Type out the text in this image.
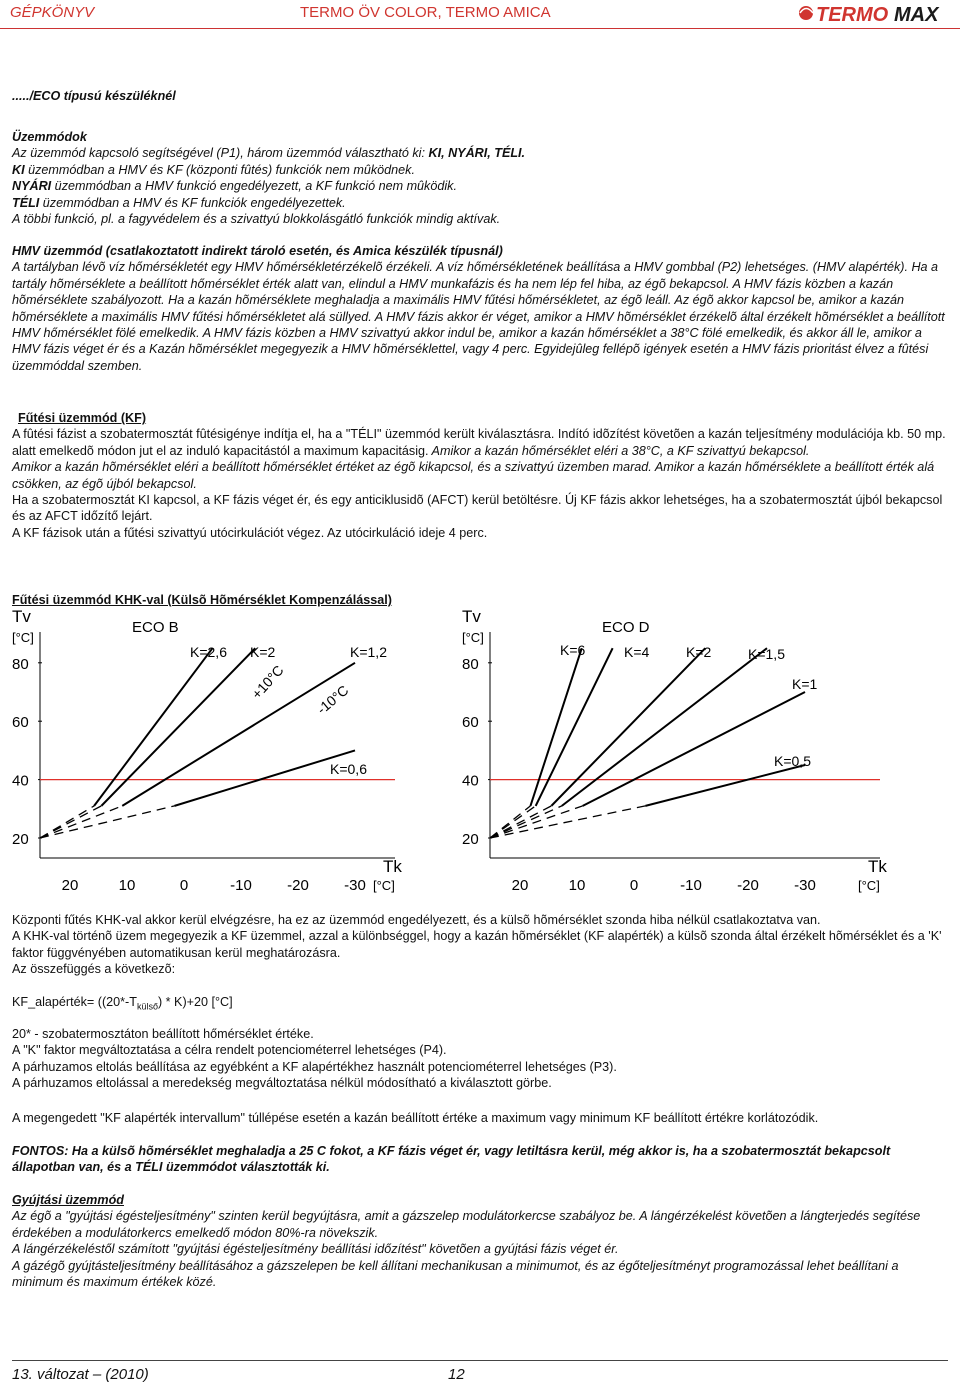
GÉPKÖNYV	TERMO ÖV COLOR, TERMO AMICA	TERMO MAX
...../ECO típusú készüléknél

Üzemmódok

Az üzemmód kapcsoló segítségével (P1), három üzemmód választható ki: KI, NYÁRI, TÉLI.

KI üzemmódban a HMV és KF (központi fûtés) funkciók nem mûködnek.

NYÁRI üzemmódban a HMV funkció engedélyezett, a KF funkció nem mûködik.

TÉLI üzemmódban a HMV és KF funkciók engedélyezettek.

A többi funkció, pl. a fagyvédelem és a szivattyú blokkolásgátló funkciók mindig aktívak.

HMV üzemmód (csatlakoztatott indirekt tároló esetén, és Amica készülék típusnál)

A tartályban lévõ víz hőmérsékletét egy HMV hőmérsékletérzékelõ érzékeli. A víz hőmérsékletének beállítása a HMV gombbal (P2) lehetséges. (HMV alapérték). Ha a tartály hõmérséklete a beállított hőmérséklet érték alatt van, elindul a HMV munkafázis és ha nem lép fel hiba, az égõ bekapcsol. A HMV fázis közben a kazán hõmérséklete szabályozott. Ha a kazán hõmérséklete meghaladja a maximális HMV fűtési hőmérsékletet, az égõ leáll. Az égõ akkor kapcsol be, amikor a kazán hõmérséklete a maximális HMV fűtési hőmérsékletet alá süllyed. A HMV fázis akkor ér véget, amikor a HMV hõmérséklet érzékelõ által érzékelt hõmérséklet a beállított HMV hőmérséklet fölé emelkedik. A HMV fázis közben a HMV szivattyú akkor indul be, amikor a kazán hőmérséklet a 38°C fölé emelkedik, és akkor áll le, amikor a HMV fázis véget ér és a Kazán hõmérséklet megegyezik a HMV hõmérséklettel, vagy 4 perc. Egyidejûleg fellépõ igények esetén a HMV fázis prioritást élvez a fûtési üzemmóddal szemben.

Fűtési üzemmód (KF)

A fûtési fázist a szobatermosztát fûtésigénye indítja el, ha a "TÉLI" üzemmód került kiválasztásra. Indító idõzítést követõen a kazán teljesítmény modulációja kb. 50 mp. alatt emelkedõ módon jut el az induló kapacitástól a maximum kapacitásig. Amikor a kazán hőmérséklet eléri a 38°C, a KF szivattyú bekapcsol.

Amikor a kazán hõmérséklet eléri a beállított hőmérséklet értéket az égõ kikapcsol, és a szivattyú üzemben marad. Amikor a kazán hőmérséklete a beállított érték alá csökken, az égõ újból bekapcsol.

Ha a szobatermosztát KI kapcsol, a KF fázis véget ér, és egy anticiklusidõ (AFCT) kerül betöltésre. Új KF fázis akkor lehetséges, ha a szobatermosztát újból bekapcsol és az AFCT időzítő lejárt.

A KF fázisok után a fűtési szivattyú utócirkulációt végez. Az utócirkuláció ideje 4 perc.

Fűtési üzemmód KHK-val (Külsõ Hõmérséklet Kompenzálással)
Tv
[°C]
80
60
40
20
20	10	0	-10 -20 -30
Tk
[°C]
ECO B
Tv
[°C]
80
60
40
20
20	10	0	-10 -20 -30
Tk
[°C]
ECO D
K=2,6 K=2	K=1,2
K=0,6
K=6	K=4	K=2	K=1,5
K=1
K=0,5
+10°C -10°C

Központi fűtés KHK-val akkor kerül elvégzésre, ha ez az üzemmód engedélyezett, és a külsõ hõmérséklet szonda hiba nélkül csatlakoztatva van.

A KHK-val történõ üzem megegyezik a KF üzemmel, azzal a különbséggel, hogy a kazán hõmérséklet (KF alapérték) a külsõ szonda által érzékelt hõmérséklet és a 'K' faktor függvényében automatikusan kerül meghatározásra.

Az összefüggés a következõ:

KF_alapérték= $((20*-T_{külső}) * K)+20$ [°C]

20* - szobatermosztáton beállított hőmérséklet értéke.

A "K" faktor megváltoztatása a célra rendelt potenciométerrel lehetséges (P4).

A párhuzamos eltolás beállítása az egyébként a KF alapértékhez használt potenciométerrel lehetséges (P3).

A párhuzamos eltolással a meredekség megváltoztatása nélkül módosítható a kiválasztott görbe.

A megengedett "KF alapérték intervallum" túllépése esetén a kazán beállított értéke a maximum vagy minimum KF beállított értékre korlátozódik.
FONTOS: Ha a külsõ hõmérséklet meghaladja a 25 C fokot, a KF fázis véget ér, vagy letiltásra kerül, még akkor is, ha a szobatermosztát bekapcsolt állapotban van, és a TÉLI üzemmódot választották ki.

Gyújtási üzemmód

Az égõ a "gyújtási égésteljesítmény" szinten kerül begyújtásra, amit a gázszelep modulátorkercse szabályoz be. A lángérzékelést követõen a lángterjedés segítése érdekében a modulátorkercs emelkedő módon 80%-ra növekszik.

A lángérzékeléstől számított "gyújtási égésteljesítmény beállítási időzítést" követõen a gyújtási fázis véget ér.

A gázégõ gyújtásteljesítmény beállításához a gázszelepen be kell állítani mechanikusan a minimumot, és az égőteljesítményt programozással lehet beállítani a minimum és maximum értékek közé.

13. változat – (2010)	12
